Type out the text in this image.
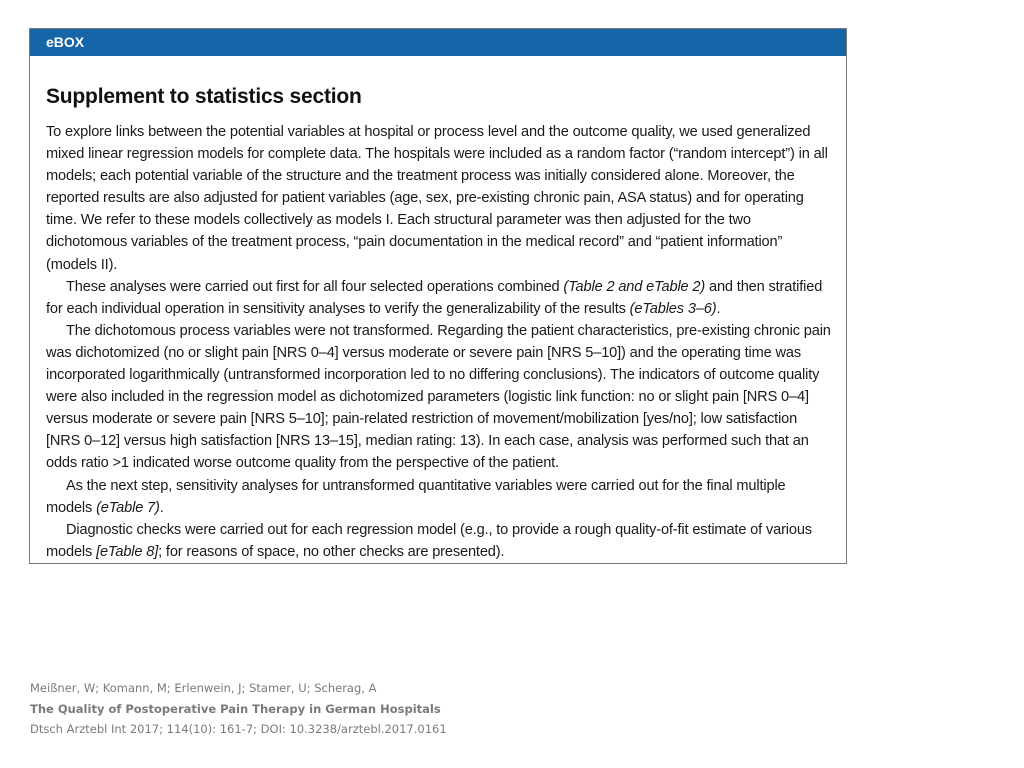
eBOX
Supplement to statistics section

To explore links between the potential variables at hospital or process level and the outcome quality, we used generalized mixed linear regression models for complete data. The hospitals were included as a random factor (“random intercept”) in all models; each potential variable of the structure and the treatment process was initially considered alone. Moreover, the reported results are also adjusted for patient variables (age, sex, pre-existing chronic pain, ASA status) and for operating time. We refer to these models collectively as models I. Each structural parameter was then adjusted for the two dichotomous variables of the treatment process, “pain documentation in the medical record” and “patient information” (models II).

These analyses were carried out first for all four selected operations combined (Table 2 and eTable 2) and then stratified for each individual operation in sensitivity analyses to verify the generalizability of the results (eTables 3–6).

The dichotomous process variables were not transformed. Regarding the patient characteristics, pre-existing chronic pain was dichotomized (no or slight pain [NRS 0–4] versus moderate or severe pain [NRS 5–10]) and the operating time was incorporated logarithmically (untransformed incorporation led to no differing conclusions). The indicators of outcome quality were also included in the regression model as dichotomized parameters (logistic link function: no or slight pain [NRS 0–4] versus moderate or severe pain [NRS 5–10]; pain-related restriction of movement/mobilization [yes/no]; low satisfaction [NRS 0–12] versus high satisfaction [NRS 13–15], median rating: 13). In each case, analysis was performed such that an odds ratio >1 indicated worse outcome quality from the perspective of the patient.

As the next step, sensitivity analyses for untransformed quantitative variables were carried out for the final multiple models (eTable 7).

Diagnostic checks were carried out for each regression model (e.g., to provide a rough quality-of-fit estimate of various models [eTable 8]; for reasons of space, no other checks are presented).

Meißner, W; Komann, M; Erlenwein, J; Stamer, U; Scherag, A
The Quality of Postoperative Pain Therapy in German Hospitals
Dtsch Arztebl Int 2017; 114(10): 161-7; DOI: 10.3238/arztebl.2017.0161
